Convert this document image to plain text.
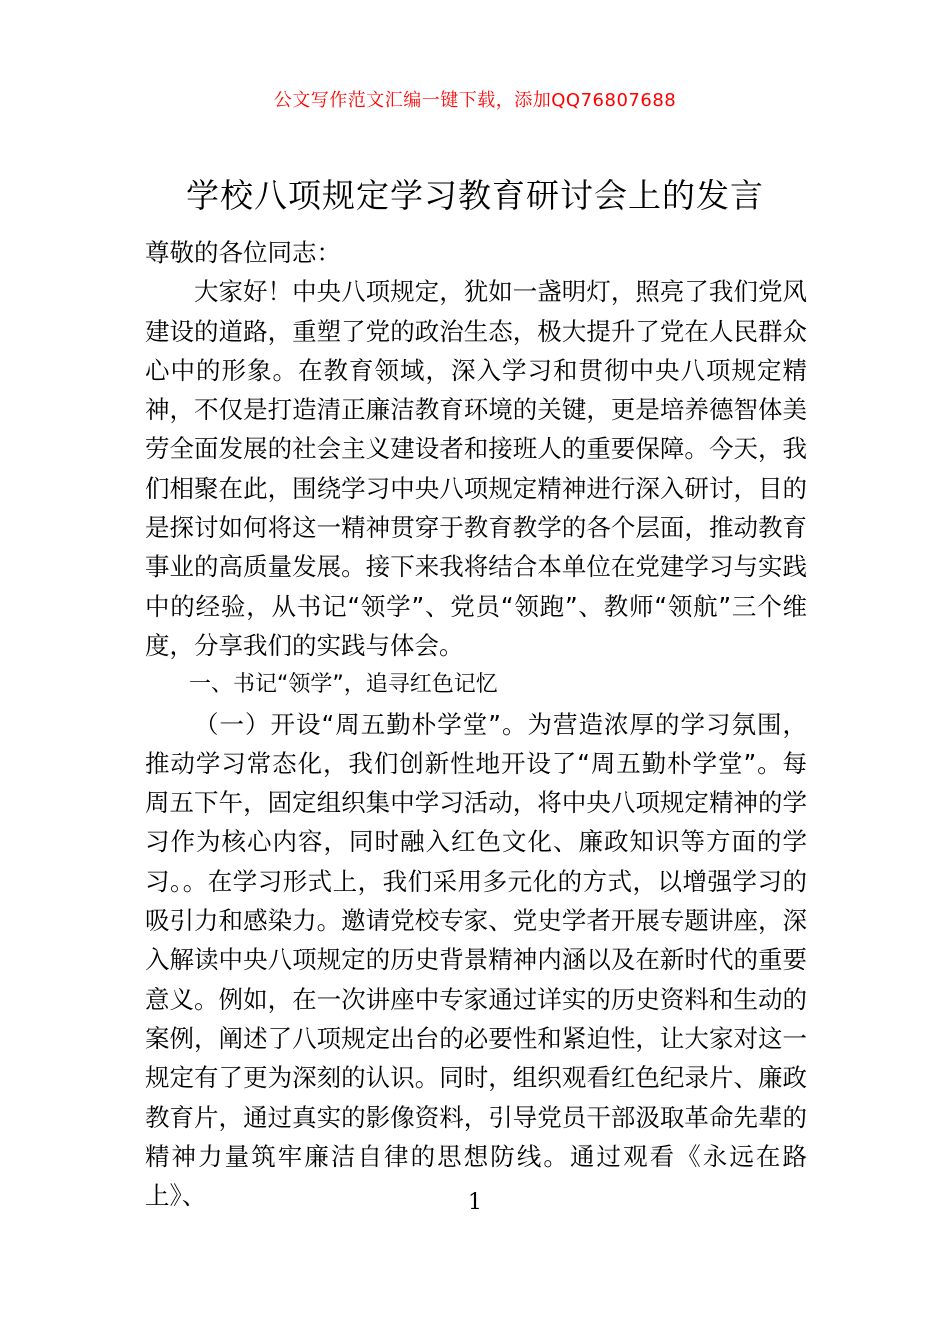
公文写作范文汇编一键下载，添加QQ76807688
学校八项规定学习教育研讨会上的发言

尊敬的各位同志：

大家好！中央八项规定，犹如一盏明灯，照亮了我们党风建设的道路，重塑了党的政治生态，极大提升了党在人民群众心中的形象。在教育领域，深入学习和贯彻中央八项规定精神，不仅是打造清正廉洁教育环境的关键，更是培养德智体美劳全面发展的社会主义建设者和接班人的重要保障。今天，我们相聚在此，围绕学习中央八项规定精神进行深入研讨，目的是探讨如何将这一精神贯穿于教育教学的各个层面，推动教育事业的高质量发展。接下来我将结合本单位在党建学习与实践中的经验，从书记“领学”、党员“领跑”、教师“领航”三个维度，分享我们的实践与体会。

一、书记“领学”，追寻红色记忆

（一）开设“周五勤朴学堂”。为营造浓厚的学习氛围，推动学习常态化，我们创新性地开设了“周五勤朴学堂”。每周五下午，固定组织集中学习活动，将中央八项规定精神的学习作为核心内容，同时融入红色文化、廉政知识等方面的学习。。在学习形式上，我们采用多元化的方式，以增强学习的吸引力和感染力。邀请党校专家、党史学者开展专题讲座，深入解读中央八项规定的历史背景精神内涵以及在新时代的重要意义。例如，在一次讲座中专家通过详实的历史资料和生动的案例，阐述了八项规定出台的必要性和紧迫性，让大家对这一规定有了更为深刻的认识。同时，组织观看红色纪录片、廉政教育片，通过真实的影像资料，引导党员干部汲取革命先辈的精神力量筑牢廉洁自律的思想防线。通过观看《永远在路上》、	1
